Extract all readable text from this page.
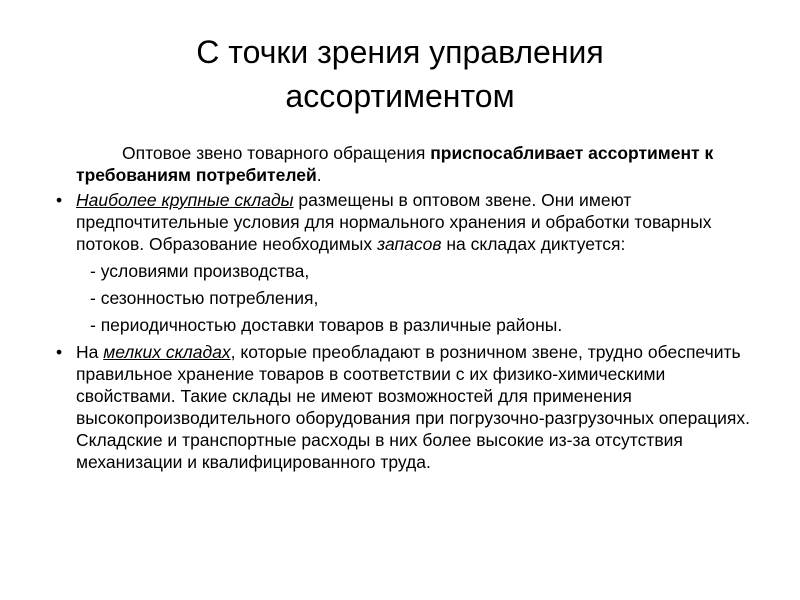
С точки зрения управления
ассортиментом

Оптовое звено товарного обращения приспосабливает ассортимент к требованиям потребителей.

• Наиболее крупные склады размещены в оптовом звене. Они имеют предпочтительные условия для нормального хранения и обработки товарных потоков. Образование необходимых запасов на складах диктуется:

- условиями производства,

- сезонностью потребления,

- периодичностью доставки товаров в различные районы.

• На мелких складах, которые преобладают в розничном звене, трудно обеспечить правильное хранение товаров в соответствии с их физико-химическими свойствами. Такие склады не имеют возможностей для применения высокопроизводительного оборудования при погрузочно-разгрузочных операциях. Складские и транспортные расходы в них более высокие из-за отсутствия механизации и квалифицированного труда.
